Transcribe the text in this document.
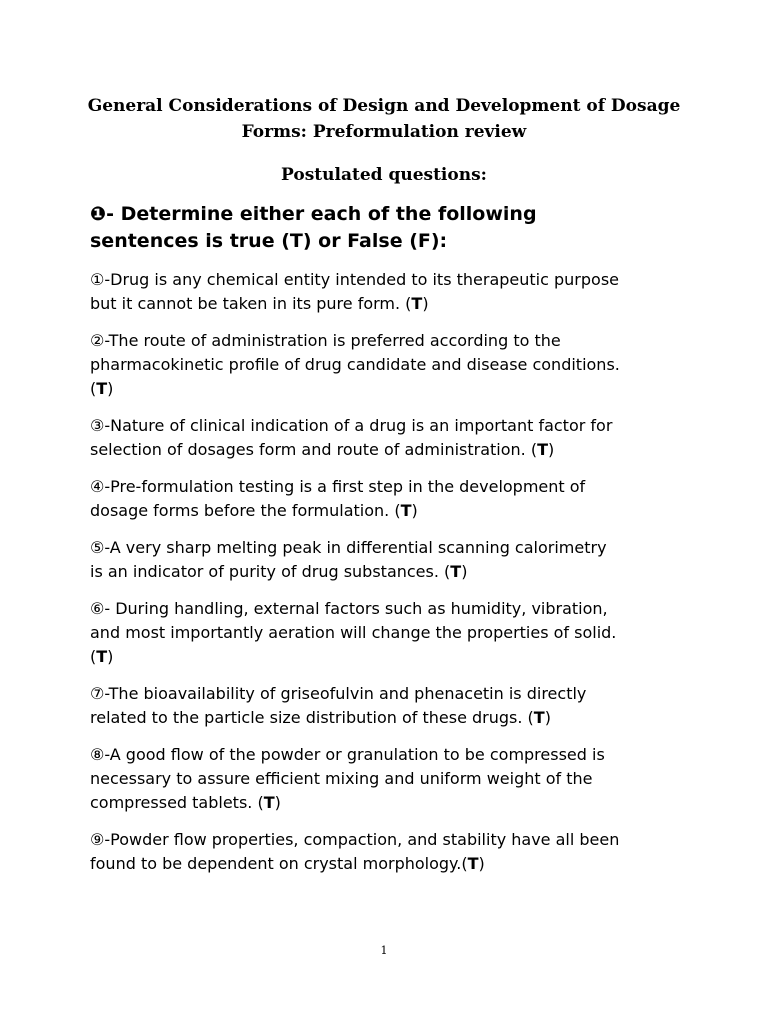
General Considerations of Design and Development of Dosage
Forms: Preformulation review
Postulated questions:
❶- Determine either each of the following
sentences is true (T) or False (F):
①-Drug is any chemical entity intended to its therapeutic purpose
but it cannot be taken in its pure form. (T)
②-The route of administration is preferred according to the
pharmacokinetic profile of drug candidate and disease conditions.
(T)
③-Nature of clinical indication of a drug is an important factor for
selection of dosages form and route of administration. (T)
④-Pre-formulation testing is a first step in the development of
dosage forms before the formulation. (T)
⑤-A very sharp melting peak in differential scanning calorimetry
is an indicator of purity of drug substances. (T)
⑥- During handling, external factors such as humidity, vibration,
and most importantly aeration will change the properties of solid.
(T)
⑦-The bioavailability of griseofulvin and phenacetin is directly
related to the particle size distribution of these drugs. (T)
⑧-A good flow of the powder or granulation to be compressed is
necessary to assure efficient mixing and uniform weight of the
compressed tablets. (T)
⑨-Powder flow properties, compaction, and stability have all been
found to be dependent on crystal morphology.(T)
1
